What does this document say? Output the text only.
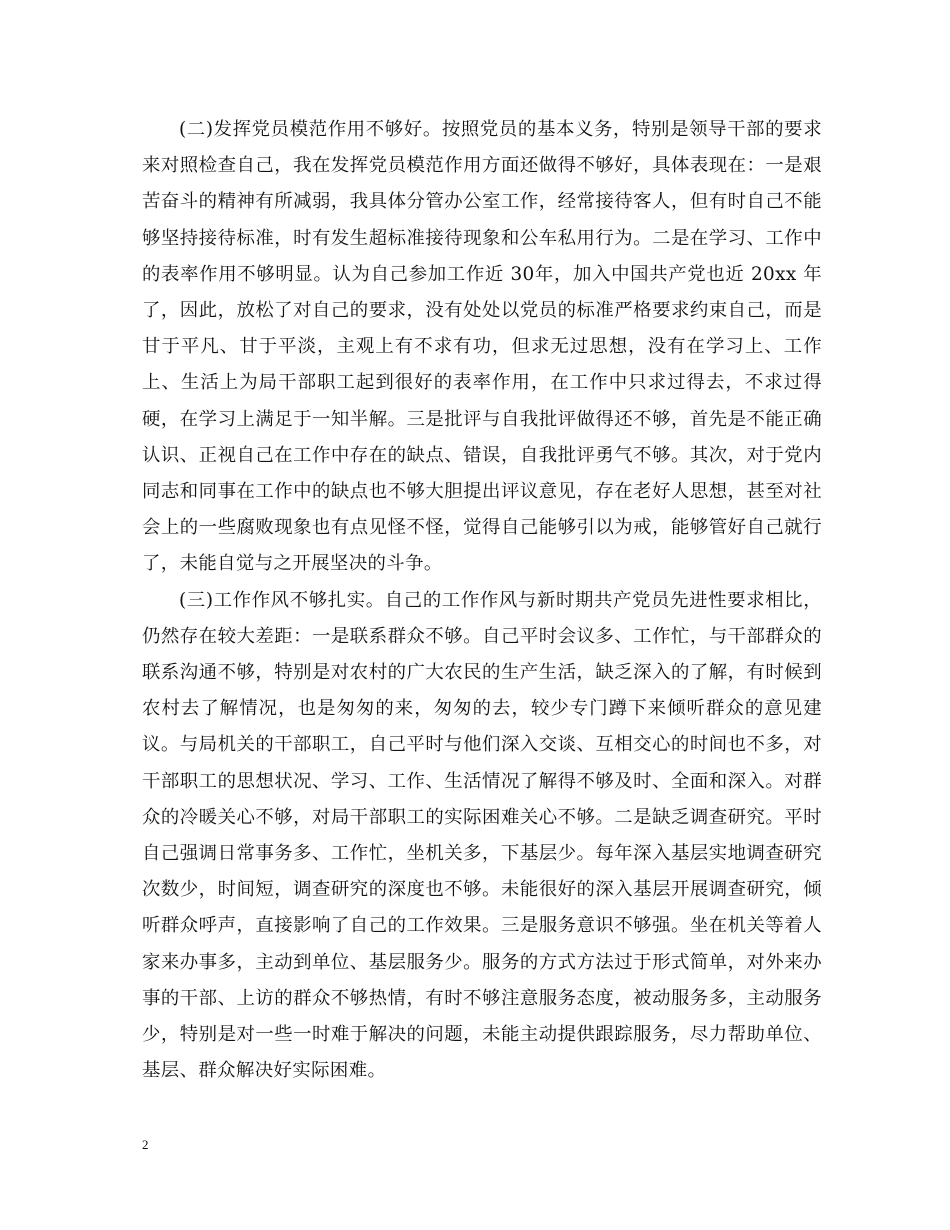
(二)发挥党员模范作用不够好。按照党员的基本义务，特别是领导干部的要求来对照检查自己，我在发挥党员模范作用方面还做得不够好，具体表现在：一是艰苦奋斗的精神有所减弱，我具体分管办公室工作，经常接待客人，但有时自己不能够坚持接待标准，时有发生超标准接待现象和公车私用行为。二是在学习、工作中的表率作用不够明显。认为自己参加工作近 30年，加入中国共产党也近 20xx 年了，因此，放松了对自己的要求，没有处处以党员的标准严格要求约束自己，而是甘于平凡、甘于平淡，主观上有不求有功，但求无过思想，没有在学习上、工作上、生活上为局干部职工起到很好的表率作用，在工作中只求过得去，不求过得硬，在学习上满足于一知半解。三是批评与自我批评做得还不够，首先是不能正确认识、正视自己在工作中存在的缺点、错误，自我批评勇气不够。其次，对于党内同志和同事在工作中的缺点也不够大胆提出评议意见，存在老好人思想，甚至对社会上的一些腐败现象也有点见怪不怪，觉得自己能够引以为戒，能够管好自己就行了，未能自觉与之开展坚决的斗争。

(三)工作作风不够扎实。自己的工作作风与新时期共产党员先进性要求相比，仍然存在较大差距：一是联系群众不够。自己平时会议多、工作忙，与干部群众的联系沟通不够，特别是对农村的广大农民的生产生活，缺乏深入的了解，有时候到农村去了解情况，也是匆匆的来，匆匆的去，较少专门蹲下来倾听群众的意见建议。与局机关的干部职工，自己平时与他们深入交谈、互相交心的时间也不多，对干部职工的思想状况、学习、工作、生活情况了解得不够及时、全面和深入。对群众的冷暖关心不够，对局干部职工的实际困难关心不够。二是缺乏调查研究。平时自己强调日常事务多、工作忙，坐机关多，下基层少。每年深入基层实地调查研究次数少，时间短，调查研究的深度也不够。未能很好的深入基层开展调查研究，倾听群众呼声，直接影响了自己的工作效果。三是服务意识不够强。坐在机关等着人家来办事多，主动到单位、基层服务少。服务的方式方法过于形式简单，对外来办事的干部、上访的群众不够热情，有时不够注意服务态度，被动服务多，主动服务少，特别是对一些一时难于解决的问题，未能主动提供跟踪服务，尽力帮助单位、基层、群众解决好实际困难。

2
